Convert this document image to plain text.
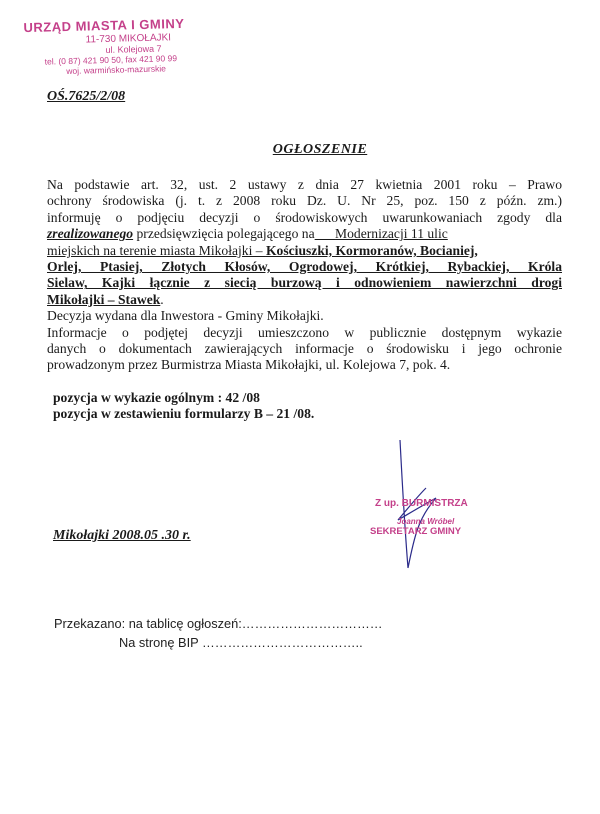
URZĄD MIASTA I GMINY
11-730 MIKOŁAJKI
ul. Kolejowa 7
tel. (0 87) 421 90 50, fax 421 90 99
woj. warmińsko-mazurskie
OŚ.7625/2/08
OGŁOSZENIE
Na podstawie art. 32, ust. 2 ustawy z dnia 27 kwietnia 2001 roku – Prawo
ochrony środowiska (j. t. z 2008 roku Dz. U. Nr 25, poz. 150 z późn. zm.)
informuję o podjęciu decyzji o środowiskowych uwarunkowaniach zgody dla
zrealizowanego przedsięwzięcia polegającego na Modernizacji 11 ulic
miejskich na terenie miasta Mikołajki – Kościuszki, Kormoranów, Bocianiej,
Orlej, Ptasiej, Złotych Kłosów, Ogrodowej, Krótkiej, Rybackiej, Króla
Sielaw, Kajki łącznie z siecią burzową i odnowieniem nawierzchni drogi
Mikołajki – Stawek.
Decyzja wydana dla Inwestora - Gminy Mikołajki.
Informacje o podjętej decyzji umieszczono w publicznie dostępnym wykazie
danych o dokumentach zawierających informacje o środowisku i jego ochronie
prowadzonym przez Burmistrza Miasta Mikołajki, ul. Kolejowa 7, pok. 4.
pozycja w wykazie ogólnym : 42 /08
pozycja w zestawieniu formularzy B – 21 /08.
Z up. BURMISTRZA
Joanna Wróbel
SEKRETARZ GMINY
Mikołajki 2008.05 .30 r.
Przekazano: na tablicę ogłoszeń:……………………………
Na stronę BIP ………………………………..
